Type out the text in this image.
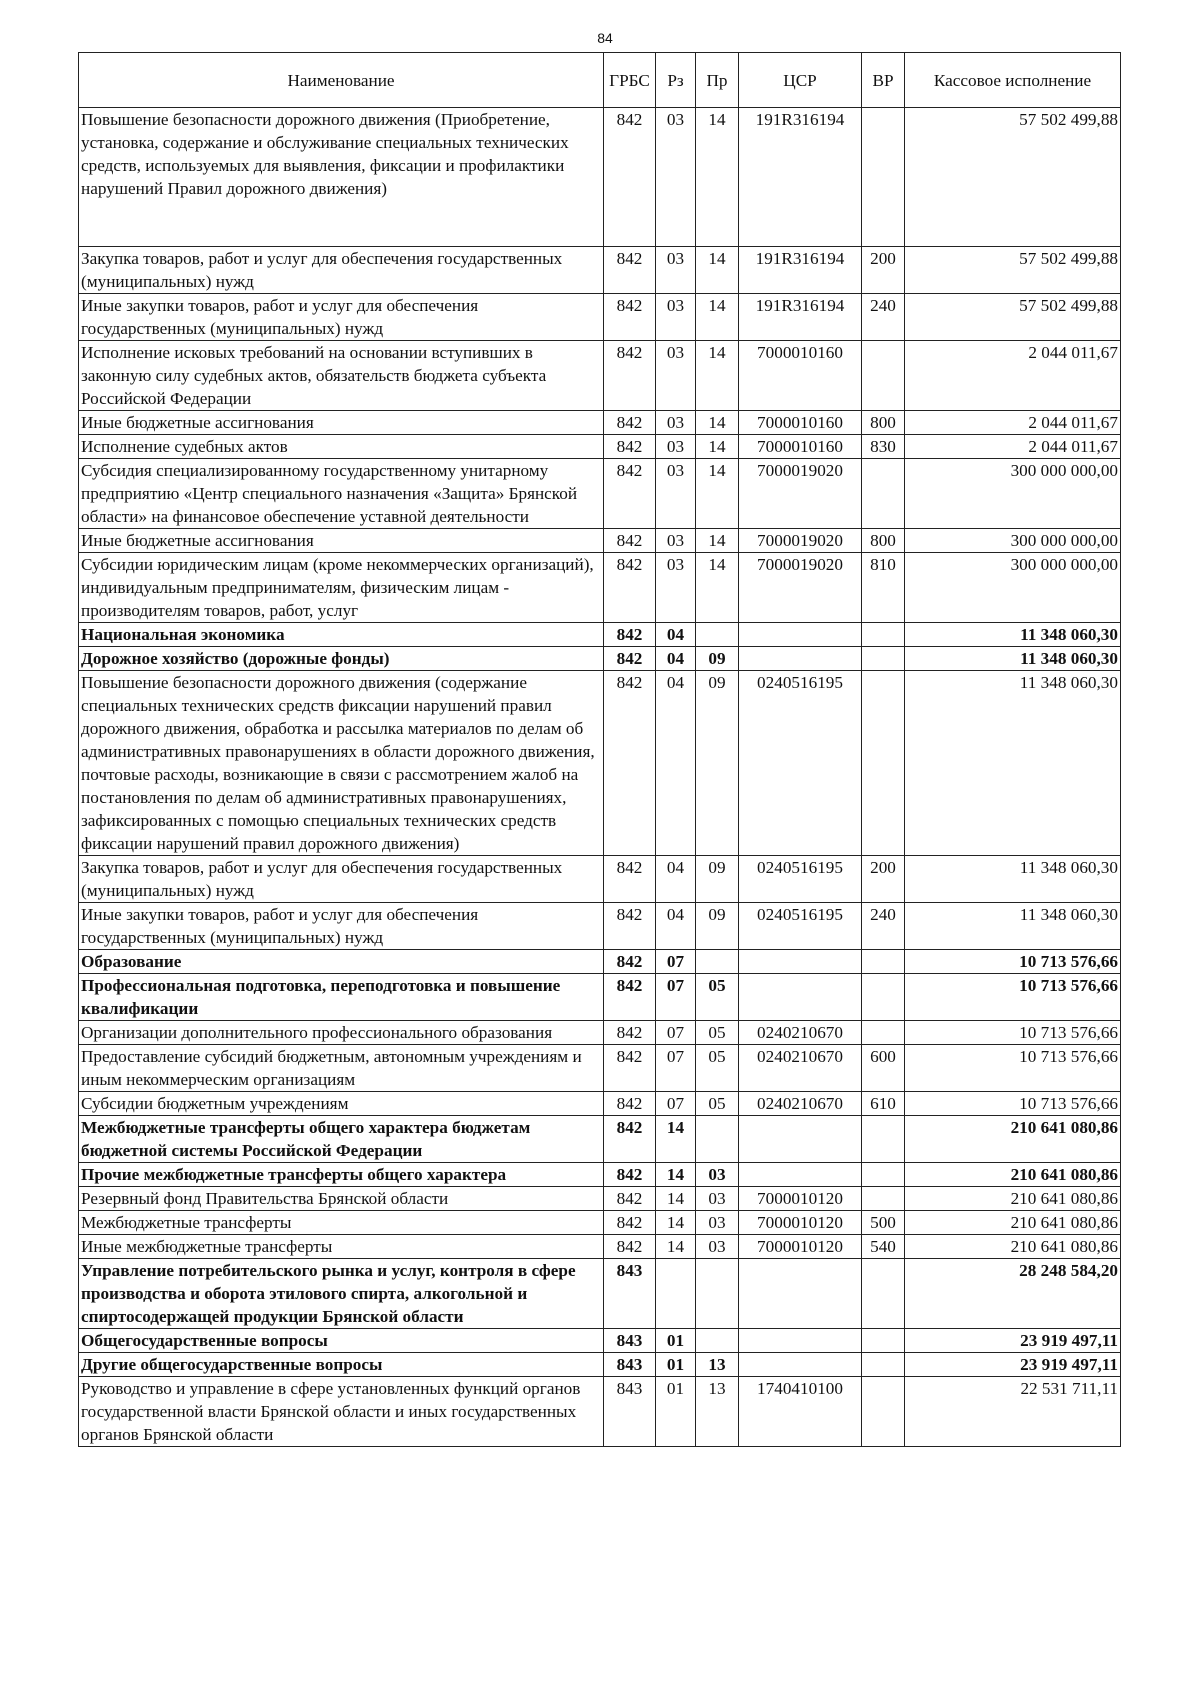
84
Наименование	ГРБС	Рз	Пр	ЦСР	ВР	Кассовое исполнение
Повышение безопасности дорожного движения (Приобретение, установка, содержание и обслуживание специальных технических средств, используемых для выявления, фиксации и профилактики нарушений Правил дорожного движения)	842	03	14	191R316194		57 502 499,88
Закупка товаров, работ и услуг для обеспечения государственных (муниципальных) нужд	842	03	14	191R316194	200	57 502 499,88
Иные закупки товаров, работ и услуг для обеспечения государственных (муниципальных) нужд	842	03	14	191R316194	240	57 502 499,88
Исполнение исковых требований на основании вступивших в законную силу судебных актов, обязательств бюджета субъекта Российской Федерации	842	03	14	7000010160		2 044 011,67
Иные бюджетные ассигнования	842	03	14	7000010160	800	2 044 011,67
Исполнение судебных актов	842	03	14	7000010160	830	2 044 011,67
Субсидия специализированному государственному унитарному предприятию «Центр специального назначения «Защита» Брянской области» на финансовое обеспечение уставной деятельности	842	03	14	7000019020		300 000 000,00
Иные бюджетные ассигнования	842	03	14	7000019020	800	300 000 000,00
Субсидии юридическим лицам (кроме некоммерческих организаций), индивидуальным предпринимателям, физическим лицам - производителям товаров, работ, услуг	842	03	14	7000019020	810	300 000 000,00
Национальная экономика	842	04				11 348 060,30
Дорожное хозяйство (дорожные фонды)	842	04	09			11 348 060,30
Повышение безопасности дорожного движения (содержание специальных технических средств фиксации нарушений правил дорожного движения, обработка и рассылка материалов по делам об административных правонарушениях в области дорожного движения, почтовые расходы, возникающие в связи с рассмотрением жалоб на постановления по делам об административных правонарушениях, зафиксированных с помощью специальных технических средств фиксации нарушений правил дорожного движения)	842	04	09	0240516195		11 348 060,30
Закупка товаров, работ и услуг для обеспечения государственных (муниципальных) нужд	842	04	09	0240516195	200	11 348 060,30
Иные закупки товаров, работ и услуг для обеспечения государственных (муниципальных) нужд	842	04	09	0240516195	240	11 348 060,30
Образование	842	07				10 713 576,66
Профессиональная подготовка, переподготовка и повышение квалификации	842	07	05			10 713 576,66
Организации дополнительного профессионального образования	842	07	05	0240210670		10 713 576,66
Предоставление субсидий бюджетным, автономным учреждениям и иным некоммерческим организациям	842	07	05	0240210670	600	10 713 576,66
Субсидии бюджетным учреждениям	842	07	05	0240210670	610	10 713 576,66
Межбюджетные трансферты общего характера бюджетам бюджетной системы Российской Федерации	842	14				210 641 080,86
Прочие межбюджетные трансферты общего характера	842	14	03			210 641 080,86
Резервный фонд Правительства Брянской области	842	14	03	7000010120		210 641 080,86
Межбюджетные трансферты	842	14	03	7000010120	500	210 641 080,86
Иные межбюджетные трансферты	842	14	03	7000010120	540	210 641 080,86
Управление потребительского рынка и услуг, контроля в сфере производства и оборота этилового спирта, алкогольной и спиртосодержащей продукции Брянской области	843					28 248 584,20
Общегосударственные вопросы	843	01				23 919 497,11
Другие общегосударственные вопросы	843	01	13			23 919 497,11
Руководство и управление в сфере установленных функций органов государственной власти Брянской области и иных государственных органов Брянской области	843	01	13	1740410100		22 531 711,11
